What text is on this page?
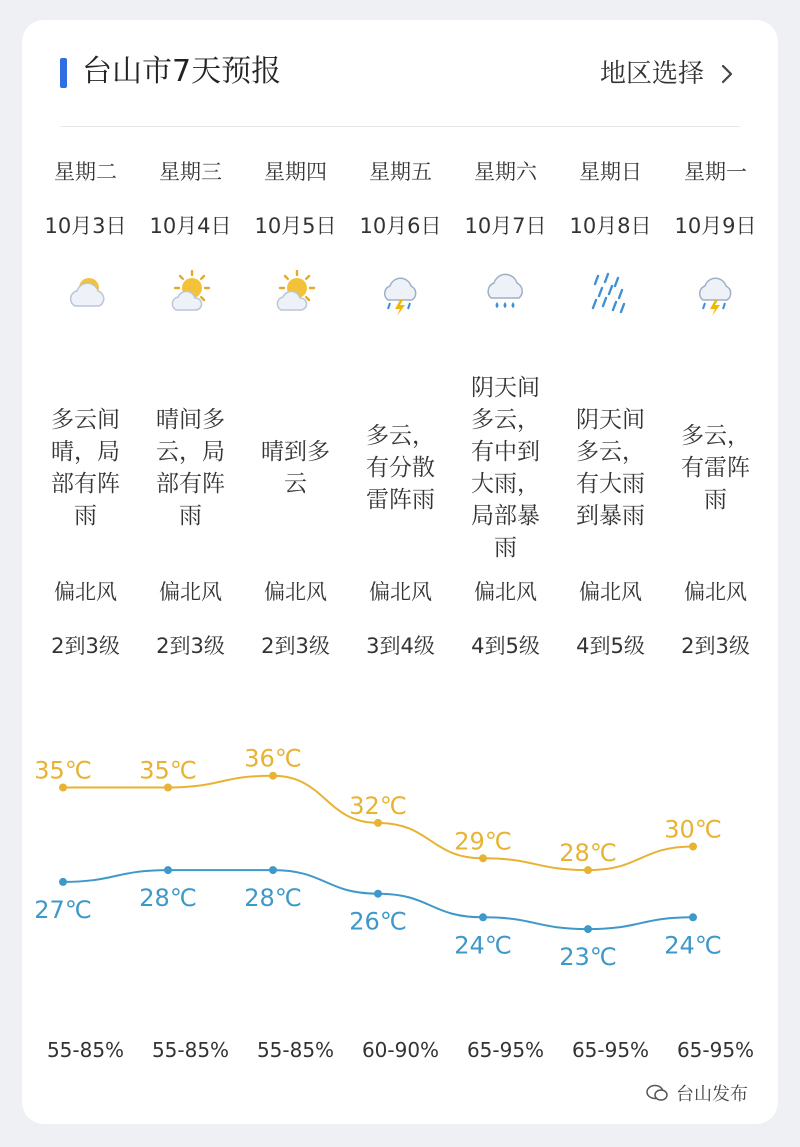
台山市7天预报	地区选择
星期二
10月3日
多云间晴，局部有阵雨
偏北风
2到3级
55-85%
星期三
10月4日
晴间多云，局部有阵雨
偏北风
2到3级
55-85%
星期四
10月5日
晴到多云
偏北风
2到3级
55-85%
星期五
10月6日
多云，有分散雷阵雨
偏北风
3到4级
60-90%
星期六
10月7日
阴天间多云，有中到大雨，局部暴雨
偏北风
4到5级
65-95%
星期日
10月8日
阴天间多云，有大雨到暴雨
偏北风
4到5级
65-95%
星期一
10月9日
多云，有雷阵雨
偏北风
2到3级
65-95%
35℃ 35℃ 36℃
32℃
29℃ 28℃
30℃
27℃ 28℃ 28℃
26℃
24℃ 23℃ 24℃
台山发布
